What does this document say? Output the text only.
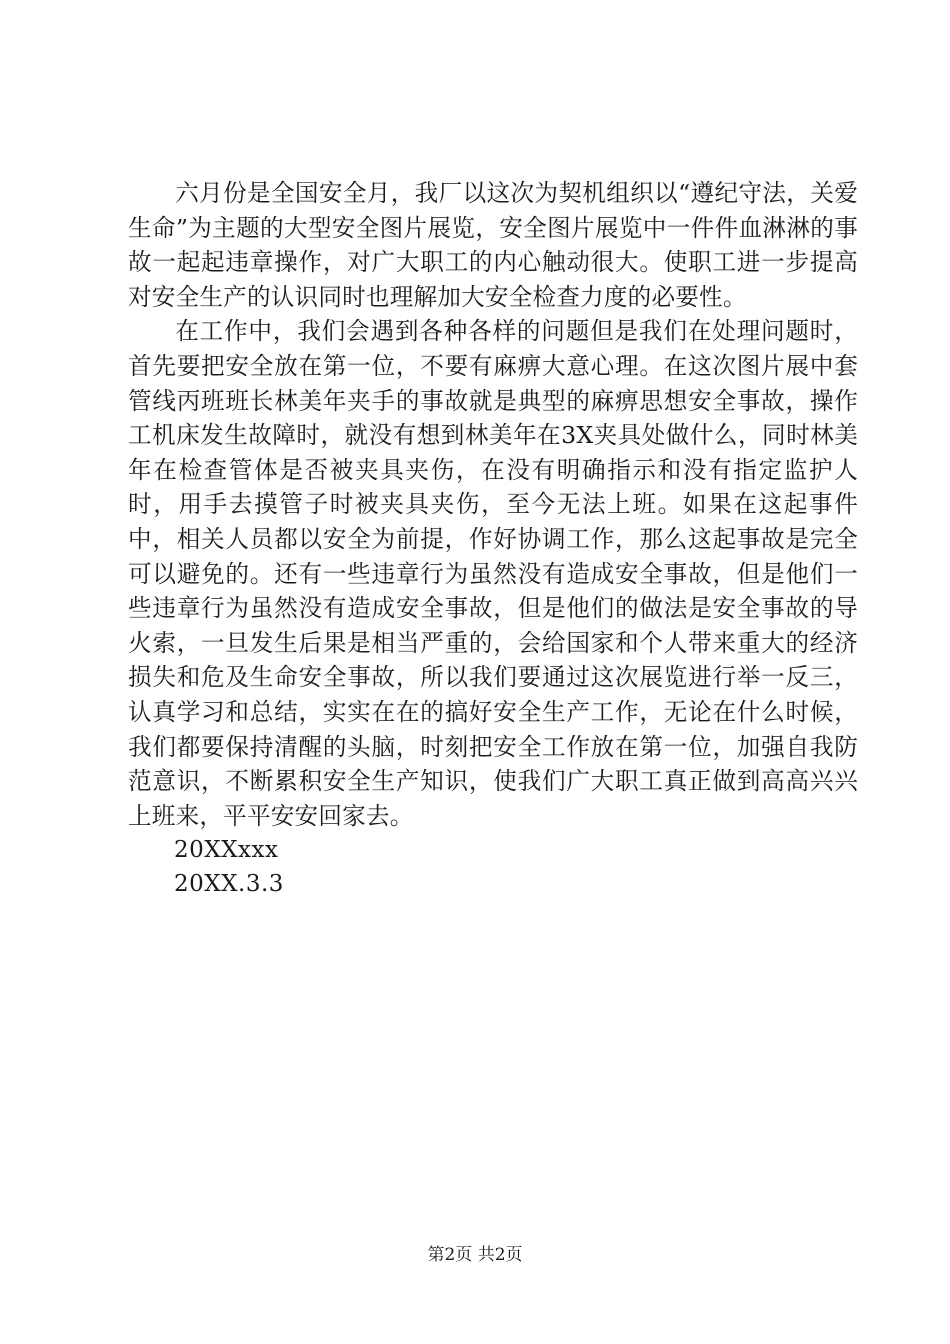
六月份是全国安全月，我厂以这次为契机组织以“遵纪守法，关爱生命”为主题的大型安全图片展览，安全图片展览中一件件血淋淋的事故一起起违章操作，对广大职工的内心触动很大。使职工进一步提高对安全生产的认识同时也理解加大安全检查力度的必要性。

在工作中，我们会遇到各种各样的问题但是我们在处理问题时，首先要把安全放在第一位，不要有麻痹大意心理。在这次图片展中套管线丙班班长林美年夹手的事故就是典型的麻痹思想安全事故，操作工机床发生故障时，就没有想到林美年在3X夹具处做什么，同时林美年在检查管体是否被夹具夹伤，在没有明确指示和没有指定监护人时，用手去摸管子时被夹具夹伤，至今无法上班。如果在这起事件中，相关人员都以安全为前提，作好协调工作，那么这起事故是完全可以避免的。还有一些违章行为虽然没有造成安全事故，但是他们一些违章行为虽然没有造成安全事故，但是他们的做法是安全事故的导火索，一旦发生后果是相当严重的，会给国家和个人带来重大的经济损失和危及生命安全事故，所以我们要通过这次展览进行举一反三，认真学习和总结，实实在在的搞好安全生产工作，无论在什么时候，我们都要保持清醒的头脑，时刻把安全工作放在第一位，加强自我防范意识，不断累积安全生产知识，使我们广大职工真正做到高高兴兴上班来，平平安安回家去。

20XXxxx

20XX.3.3

第2页 共2页
